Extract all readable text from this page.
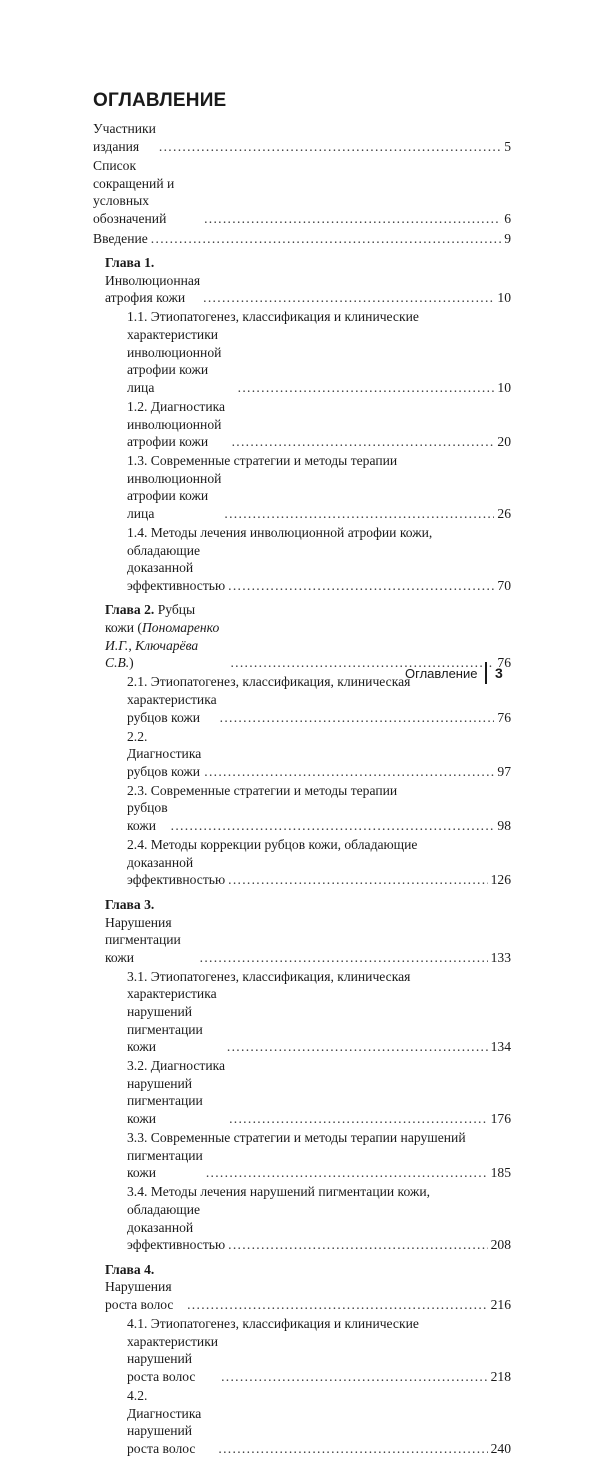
ОГЛАВЛЕНИЕ
Участники издания . . .	5
Список сокращений и условных обозначений . . .	6
Введение . . .	9
Глава 1. Инволюционная атрофия кожи . . .	10
1.1. Этиопатогенез, классификация и клинические
характеристики инволюционной атрофии кожи лица . . .	10
1.2. Диагностика инволюционной атрофии кожи . . .	20
1.3. Современные стратегии и методы терапии
инволюционной атрофии кожи лица . . .	26
1.4. Методы лечения инволюционной атрофии кожи,
обладающие доказанной эффективностью . . .	70
Глава 2. Рубцы кожи (Пономаренко И.Г., Ключарёва С.В.) . . .	76
2.1. Этиопатогенез, классификация, клиническая
характеристика рубцов кожи . . .	76
2.2. Диагностика рубцов кожи . . .	97
2.3. Современные стратегии и методы терапии
рубцов кожи . . .	98
2.4. Методы коррекции рубцов кожи, обладающие
доказанной эффективностью . . .	126
Глава 3. Нарушения пигментации кожи . . .	133
3.1. Этиопатогенез, классификация, клиническая
характеристика нарушений пигментации кожи . . .	134
3.2. Диагностика нарушений пигментации кожи . . .	176
3.3. Современные стратегии и методы терапии нарушений
пигментации кожи . . .	185
3.4. Методы лечения нарушений пигментации кожи,
обладающие доказанной эффективностью . . .	208
Глава 4. Нарушения роста волос . . .	216
4.1. Этиопатогенез, классификация и клинические
характеристики нарушений роста волос . . .	218
4.2. Диагностика нарушений роста волос . . .	240
Оглавление 3
